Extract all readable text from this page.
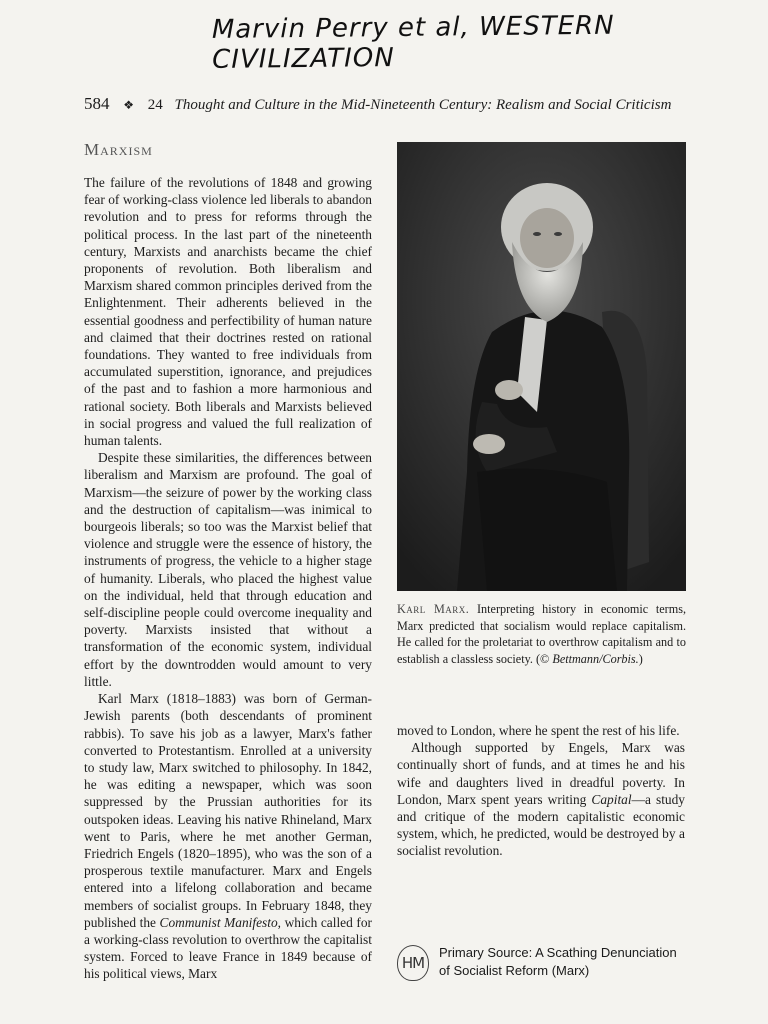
Marvin Perry et al, WESTERN CIVILIZATION
584 ❖ 24 Thought and Culture in the Mid-Nineteenth Century: Realism and Social Criticism
Marxism

The failure of the revolutions of 1848 and growing fear of working-class violence led liberals to abandon revolution and to press for reforms through the political process. In the last part of the nineteenth century, Marxists and anarchists became the chief proponents of revolution. Both liberalism and Marxism shared common principles derived from the Enlightenment. Their adherents believed in the essential goodness and perfectibility of human nature and claimed that their doctrines rested on rational foundations. They wanted to free individuals from accumulated superstition, ignorance, and prejudices of the past and to fashion a more harmonious and rational society. Both liberals and Marxists believed in social progress and valued the full realization of human talents.

Despite these similarities, the differences between liberalism and Marxism are profound. The goal of Marxism—the seizure of power by the working class and the destruction of capitalism—was inimical to bourgeois liberals; so too was the Marxist belief that violence and struggle were the essence of history, the instruments of progress, the vehicle to a higher stage of humanity. Liberals, who placed the highest value on the individual, held that through education and self-discipline people could overcome inequality and poverty. Marxists insisted that without a transformation of the economic system, individual effort by the downtrodden would amount to very little.

Karl Marx (1818–1883) was born of German-Jewish parents (both descendants of prominent rabbis). To save his job as a lawyer, Marx's father converted to Protestantism. Enrolled at a university to study law, Marx switched to philosophy. In 1842, he was editing a newspaper, which was soon suppressed by the Prussian authorities for its outspoken ideas. Leaving his native Rhineland, Marx went to Paris, where he met another German, Friedrich Engels (1820–1895), who was the son of a prosperous textile manufacturer. Marx and Engels entered into a lifelong collaboration and became members of socialist groups. In February 1848, they published the Communist Manifesto, which called for a working-class revolution to overthrow the capitalist system. Forced to leave France in 1849 because of his political views, Marx

Karl Marx. Interpreting history in economic terms, Marx predicted that socialism would replace capitalism. He called for the proletariat to overthrow capitalism and to establish a classless society. (© Bettmann/Corbis.)

moved to London, where he spent the rest of his life.

Although supported by Engels, Marx was continually short of funds, and at times he and his wife and daughters lived in dreadful poverty. In London, Marx spent years writing Capital—a study and critique of the modern capitalistic economic system, which, he predicted, would be destroyed by a socialist revolution.

HM
Primary Source: A Scathing Denunciation of Socialist Reform (Marx)
